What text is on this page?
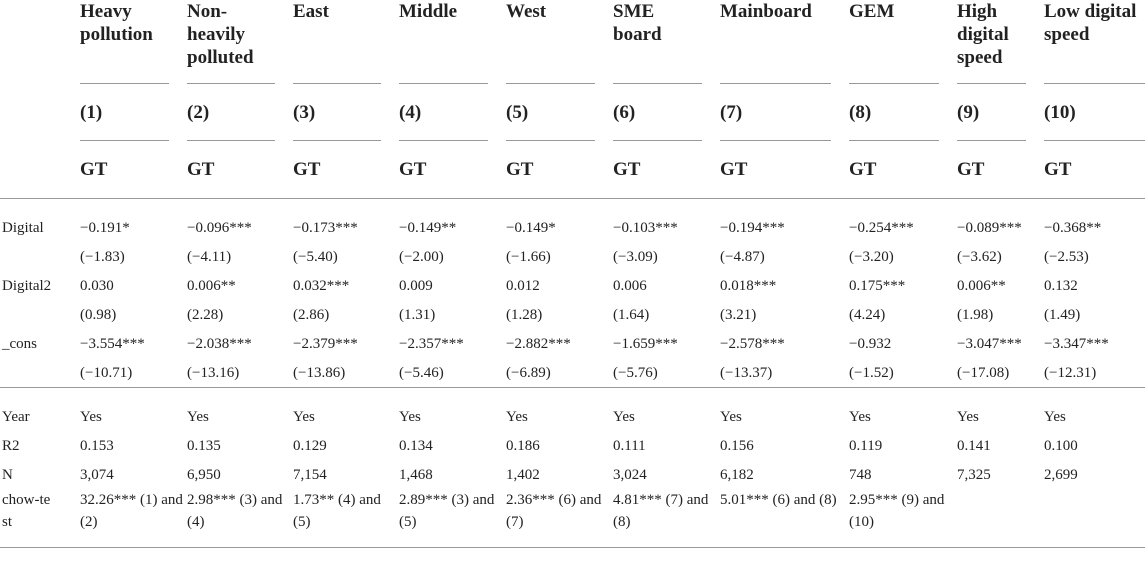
	Heavy pollution	Non-heavily polluted	East	Middle	West	SME board	Mainboard	GEM	High digital speed	Low digital speed

	(1)	(2)	(3)	(4)	(5)	(6)	(7)	(8)	(9)	(10)

	GT	GT	GT	GT	GT	GT	GT	GT	GT	GT

Digital	−0.191*	−0.096***	−0.173***	−0.149**	−0.149*	−0.103***	−0.194***	−0.254***	−0.089***	−0.368**
	(−1.83)	(−4.11)	(−5.40)	(−2.00)	(−1.66)	(−3.09)	(−4.87)	(−3.20)	(−3.62)	(−2.53)
Digital2	0.030	0.006**	0.032***	0.009	0.012	0.006	0.018***	0.175***	0.006**	0.132
	(0.98)	(2.28)	(2.86)	(1.31)	(1.28)	(1.64)	(3.21)	(4.24)	(1.98)	(1.49)
_cons	−3.554***	−2.038***	−2.379***	−2.357***	−2.882***	−1.659***	−2.578***	−0.932	−3.047***	−3.347***
	(−10.71)	(−13.16)	(−13.86)	(−5.46)	(−6.89)	(−5.76)	(−13.37)	(−1.52)	(−17.08)	(−12.31)
Year	Yes	Yes	Yes	Yes	Yes	Yes	Yes	Yes	Yes	Yes
R2	0.153	0.135	0.129	0.134	0.186	0.111	0.156	0.119	0.141	0.100
N	3,074	6,950	7,154	1,468	1,402	3,024	6,182	748	7,325	2,699
chow-test	32.26*** (1) and (2)	2.98*** (3) and (4)	1.73** (4) and (5)	2.89*** (3) and (5)	2.36*** (6) and (7)	4.81*** (7) and (8)	5.01*** (6) and (8)	2.95*** (9) and (10)		
